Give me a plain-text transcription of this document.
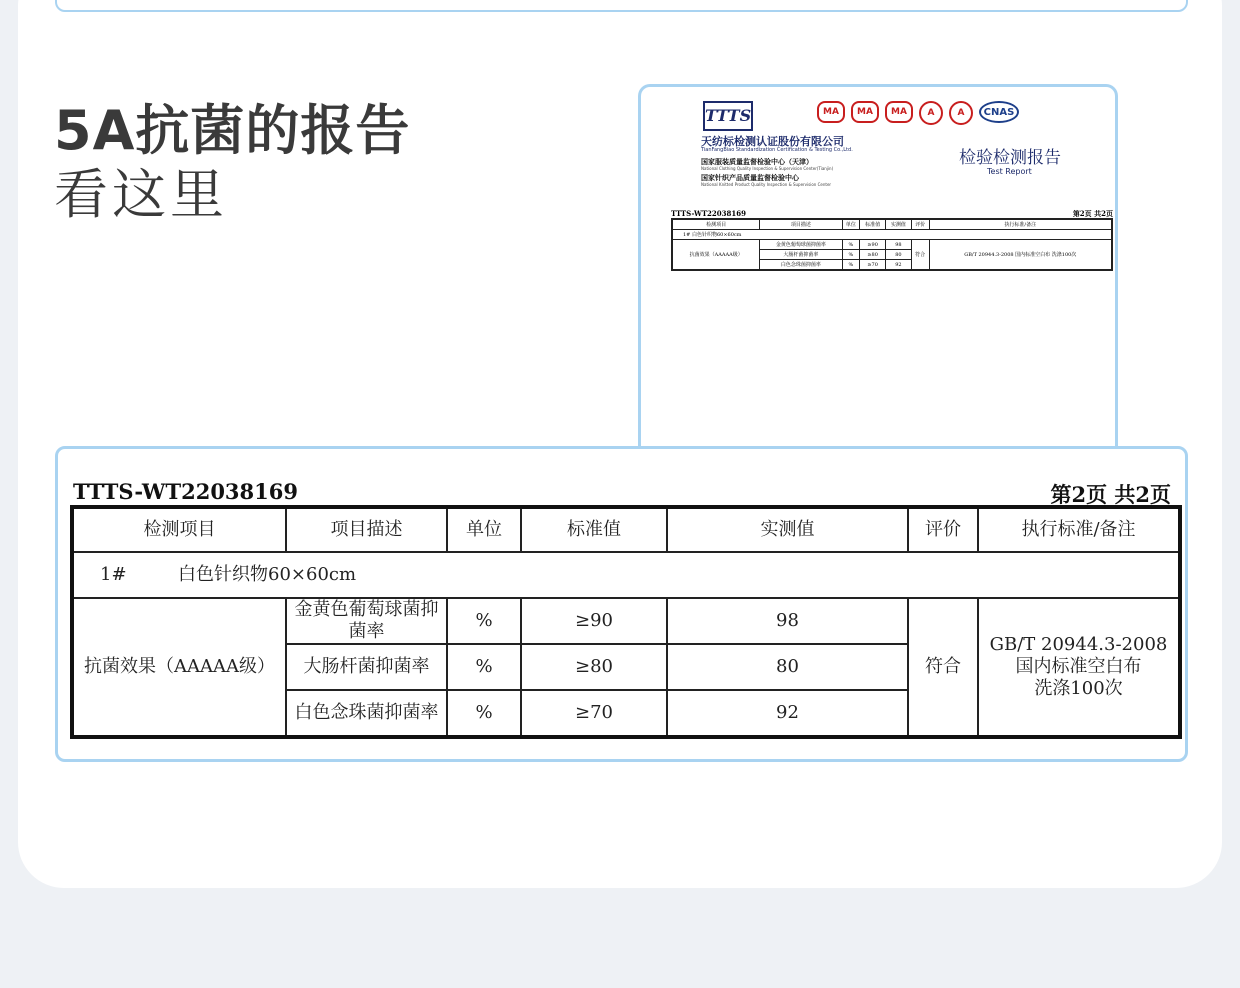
5A抗菌的报告
看这里
TTTS
天纺标检测认证股份有限公司
TianFangBiao Standardization Certification & Testing Co.,Ltd.
国家服装质量监督检验中心（天津）
National Clothing Quality Inspection & Supervision Center(Tianjin)
国家针织产品质量监督检验中心
National Knitted Product Quality Inspection & Supervision Center
MA	MA	MA	A	A	CNAS
检验检测报告
Test Report
TTTS-WT22038169	第2页 共2页
检测项目	项目描述	单位	标准值	实测值	评价	执行标准/备注
1# 白色针织物60×60cm						
抗菌效果（AAAAA级）	金黄色葡萄球菌抑菌率	%	≥90	98	符合	GB/T 20944.3-2008 国内标准空白布 洗涤100次
	大肠杆菌抑菌率	%	≥80	80		
	白色念珠菌抑菌率	%	≥70	92		
TTTS-WT22038169	第2页 共2页
检测项目	项目描述	单位	标准值	实测值	评价	执行标准/备注
1# 白色针织物60×60cm						
抗菌效果（AAAAA级）	金黄色葡萄球菌抑菌率	%	≥90	98	符合	GB/T 20944.3-2008
国内标准空白布
洗涤100次

	大肠杆菌抑菌率	%	≥80	80		
	白色念珠菌抑菌率	%	≥70	92		
